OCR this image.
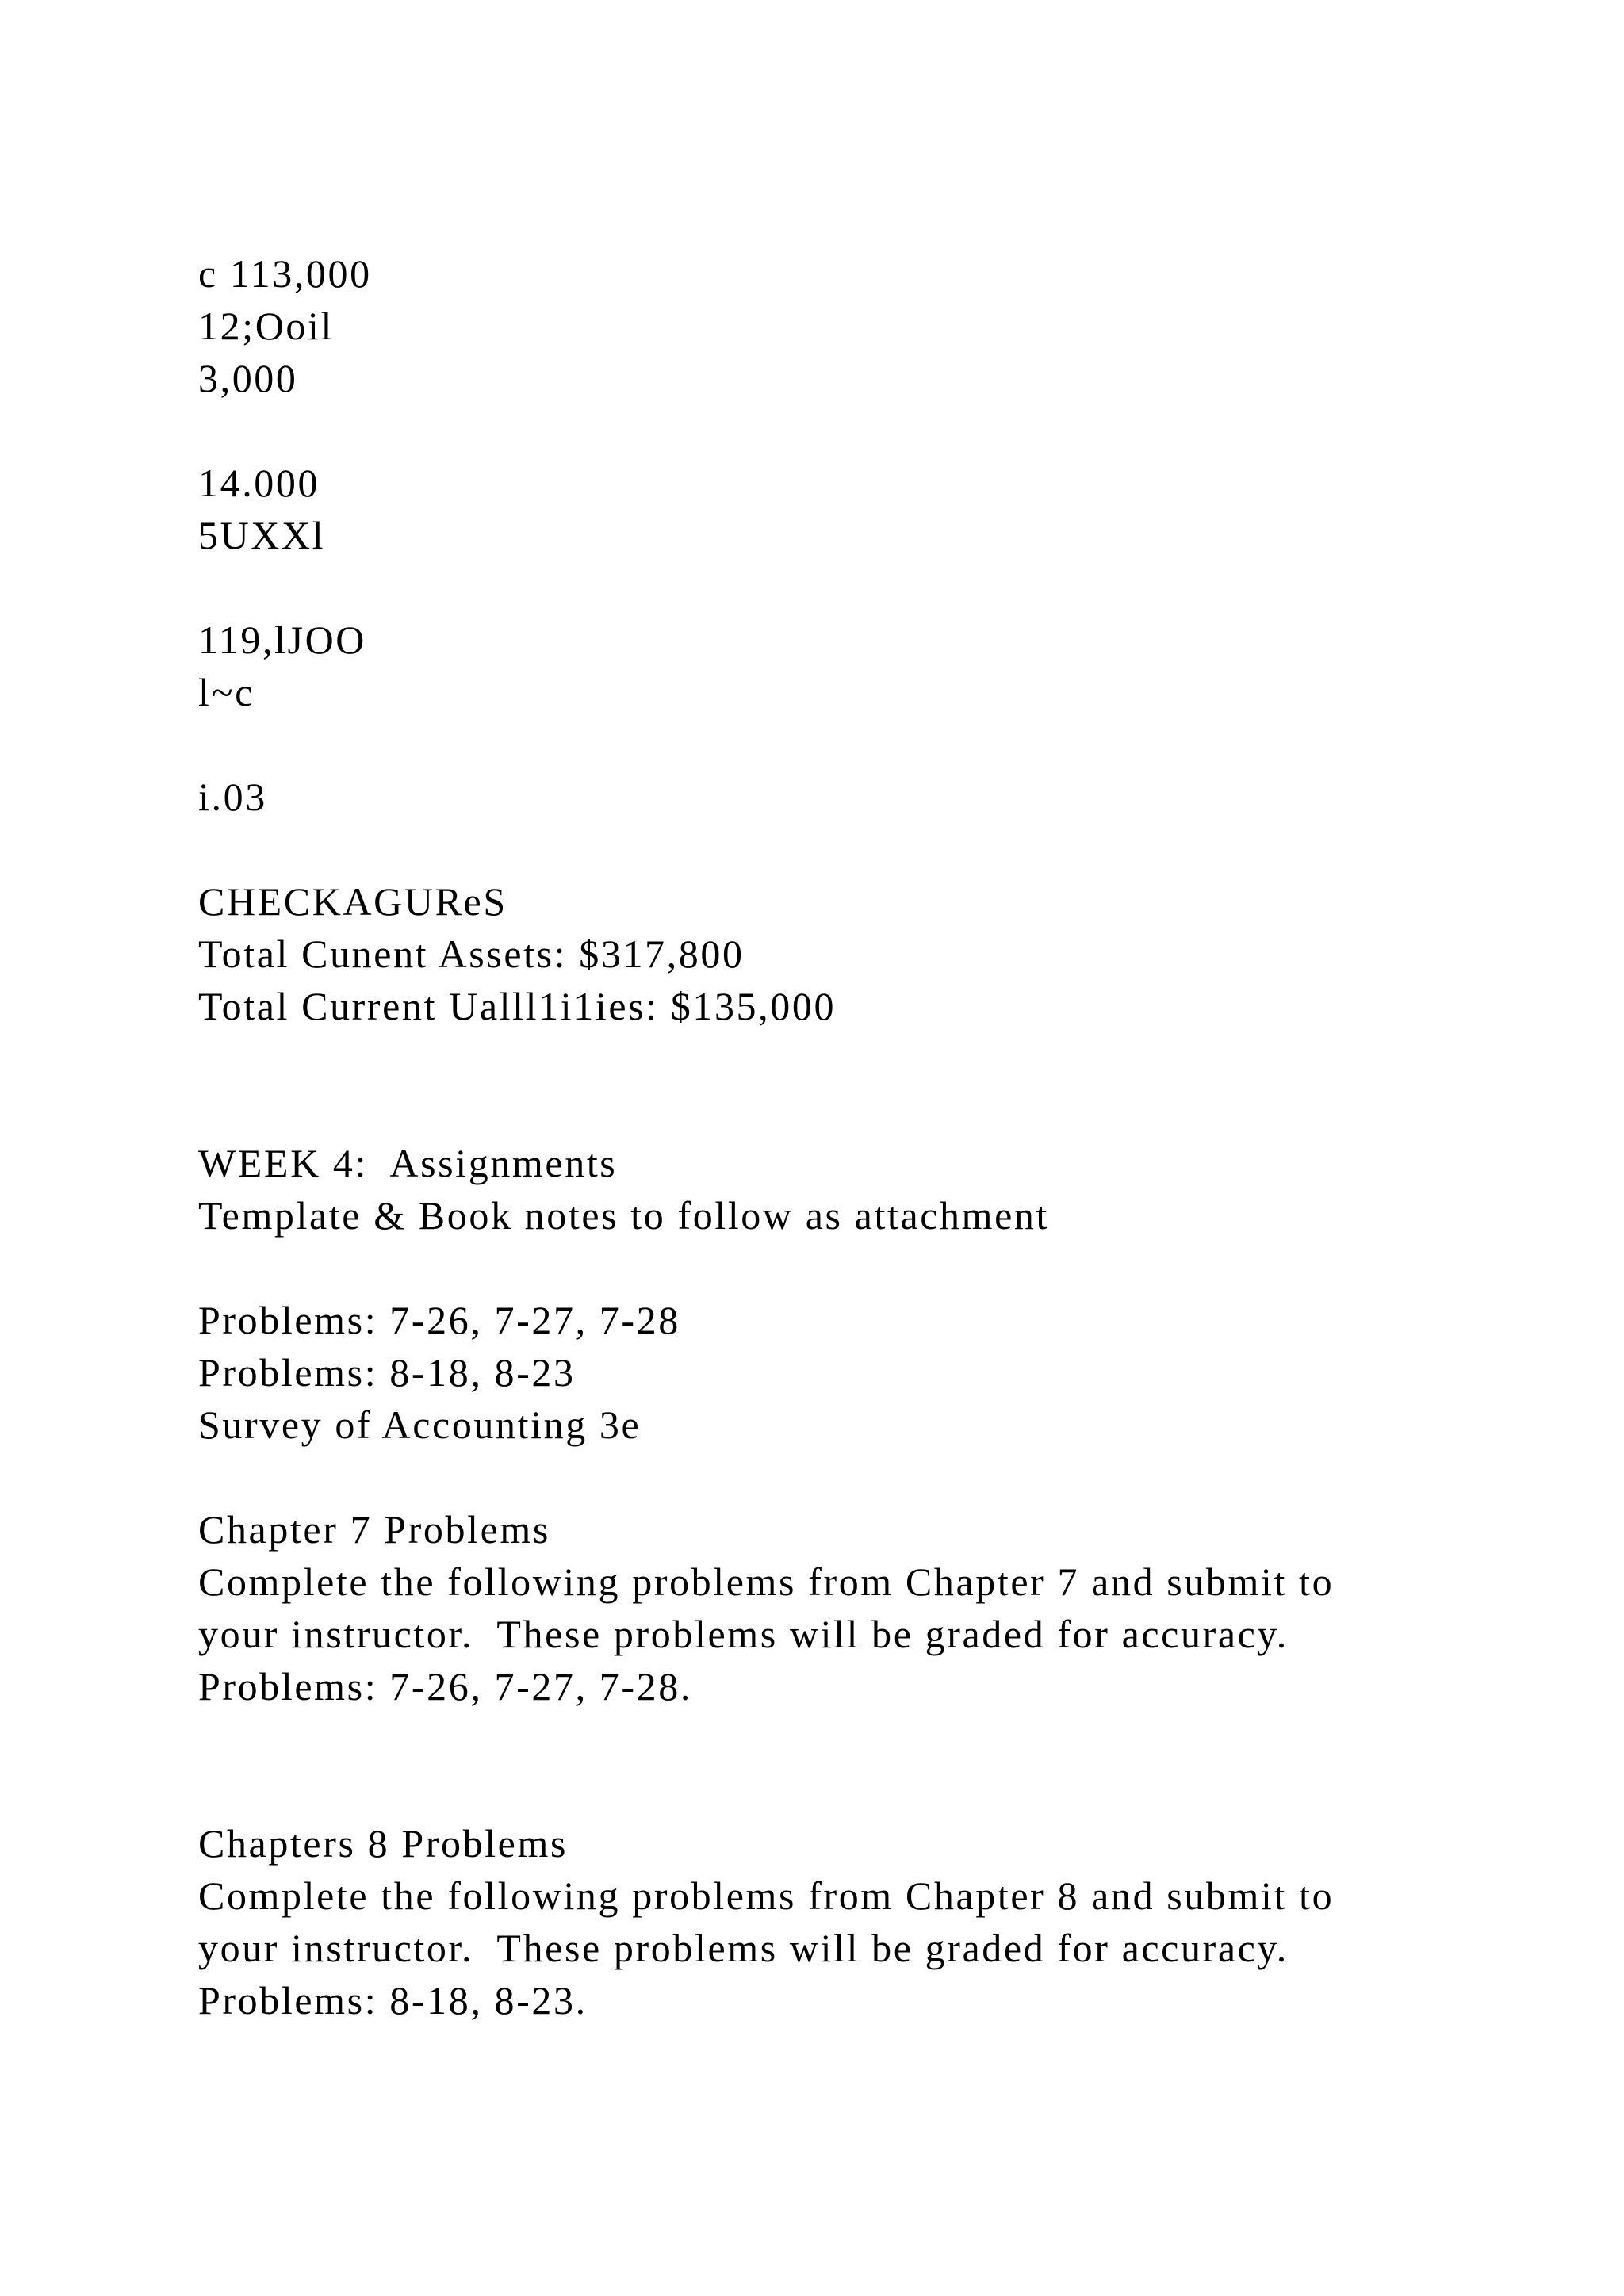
c 113,000

12;Ooil

3,000

14.000

5UXXl

119,lJOO

l~c

i.03

CHECKAGUReS

Total Cunent Assets: $317,800

Total Current Ualll1i1ies: $135,000

WEEK 4:  Assignments

Template & Book notes to follow as attachment

Problems: 7-26, 7-27, 7-28

Problems: 8-18, 8-23

Survey of Accounting 3e

Chapter 7 Problems

Complete the following problems from Chapter 7 and submit to

your instructor.  These problems will be graded for accuracy.

Problems: 7-26, 7-27, 7-28.

Chapters 8 Problems

Complete the following problems from Chapter 8 and submit to

your instructor.  These problems will be graded for accuracy.

Problems: 8-18, 8-23.
